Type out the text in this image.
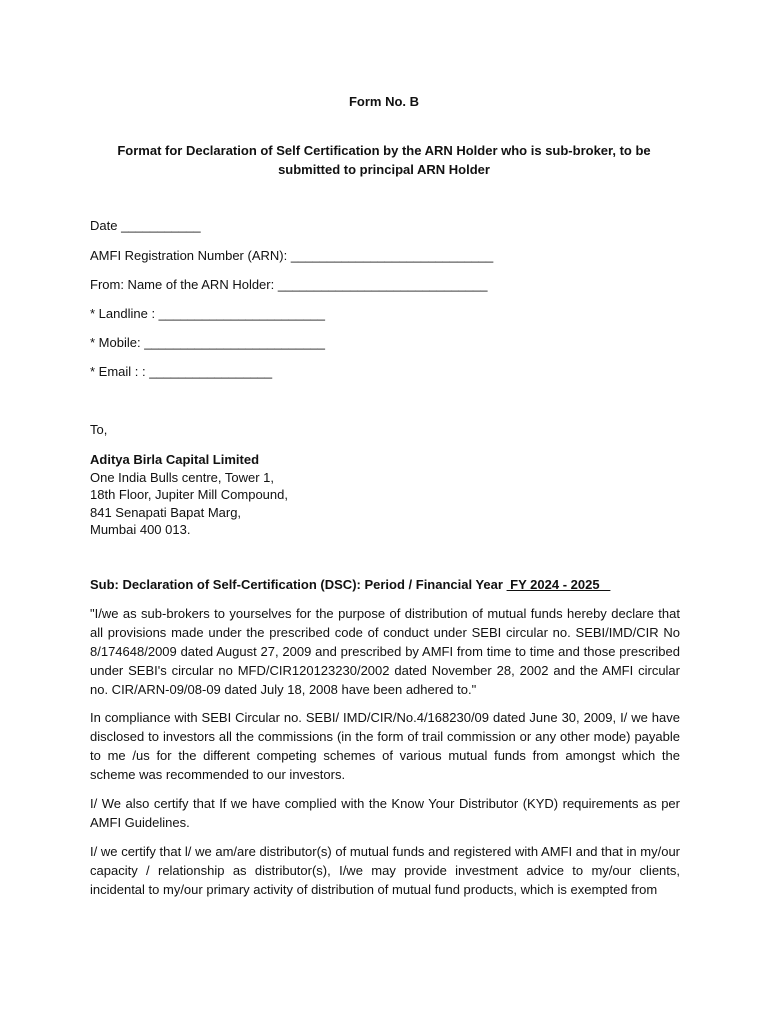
Form No. B
Format for Declaration of Self Certification by the ARN Holder who is sub-broker, to be submitted to principal ARN Holder
Date ___________
AMFI Registration Number (ARN): ____________________________
From: Name of the ARN Holder: _____________________________
* Landline : _______________________
* Mobile: _________________________
* Email : : _________________
To,
Aditya Birla Capital Limited
One India Bulls centre, Tower 1,
18th Floor, Jupiter Mill Compound,
841 Senapati Bapat Marg,
Mumbai 400 013.
Sub: Declaration of Self-Certification (DSC): Period / Financial Year  FY 2024 - 2025
"I/we as sub-brokers to yourselves for the purpose of distribution of mutual funds hereby declare that all provisions made under the prescribed code of conduct under SEBI circular no. SEBI/IMD/CIR No 8/174648/2009 dated August 27, 2009 and prescribed by AMFI from time to time and those prescribed under SEBI's circular no MFD/CIR120123230/2002 dated November 28, 2002 and the AMFI circular no. CIR/ARN-09/08-09 dated July 18, 2008 have been adhered to."
In compliance with SEBI Circular no. SEBI/ IMD/CIR/No.4/168230/09 dated June 30, 2009, I/ we have disclosed to investors all the commissions (in the form of trail commission or any other mode) payable to me /us for the different competing schemes of various mutual funds from amongst which the scheme was recommended to our investors.
I/ We also certify that If we have complied with the Know Your Distributor (KYD) requirements as per AMFI Guidelines.
I/ we certify that l/ we am/are distributor(s) of mutual funds and registered with AMFI and that in my/our capacity / relationship as distributor(s), I/we may provide investment advice to my/our clients, incidental to my/our primary activity of distribution of mutual fund products, which is exempted from
